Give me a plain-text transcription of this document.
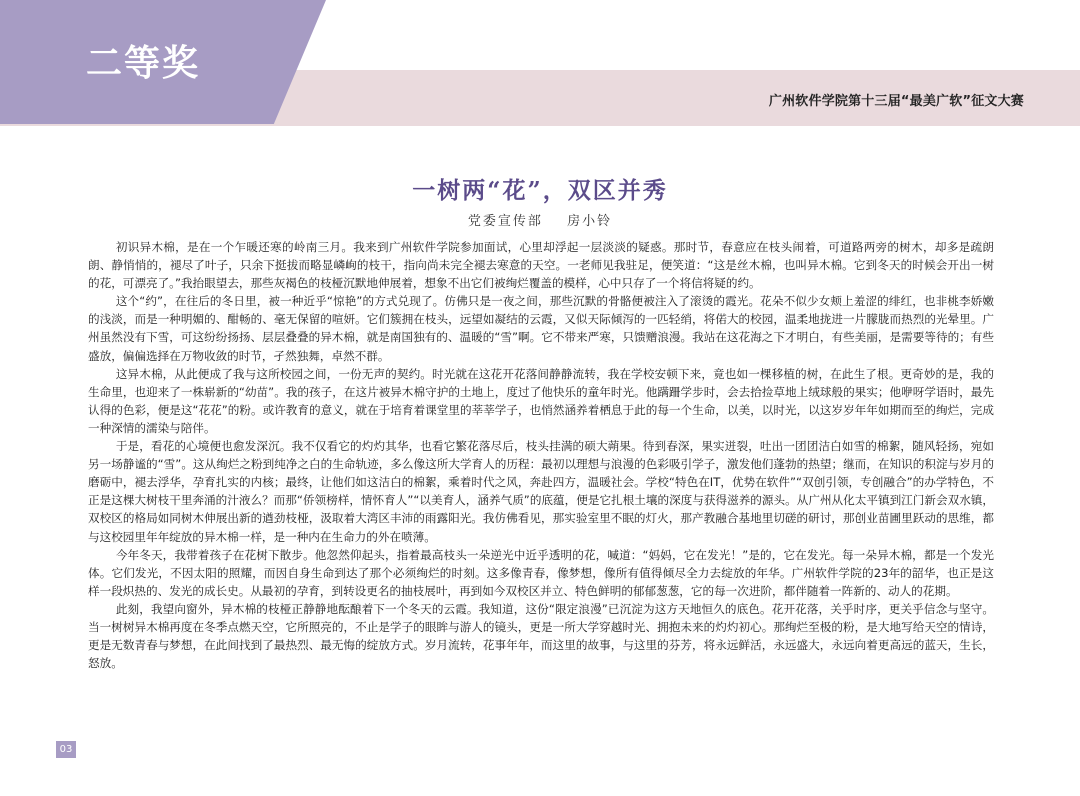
二等奖
广州软件学院第十三届“最美广软”征文大赛
一树两“花”，双区并秀
党委宣传部 房小铃

初识异木棉，是在一个乍暖还寒的岭南三月。我来到广州软件学院参加面试，心里却浮起一层淡淡的疑惑。那时节，春意应在枝头闹着，可道路两旁的树木，却多是疏朗朗、静悄悄的，褪尽了叶子，只余下挺拔而略显嶙峋的枝干，指向尚未完全褪去寒意的天空。一老师见我驻足，便笑道：“这是丝木棉，也叫异木棉。它到冬天的时候会开出一树的花，可漂亮了。”我抬眼望去，那些灰褐色的枝桠沉默地伸展着，想象不出它们被绚烂覆盖的模样，心中只存了一个将信将疑的约。

这个“约”，在往后的冬日里，被一种近乎“惊艳”的方式兑现了。仿佛只是一夜之间，那些沉默的骨骼便被注入了滚烫的霞光。花朵不似少女颊上羞涩的绯红，也非桃李娇嫩的浅淡，而是一种明媚的、酣畅的、毫无保留的喧妍。它们簇拥在枝头，远望如凝结的云霞，又似天际倾泻的一匹轻绡，将偌大的校园，温柔地拢进一片朦胧而热烈的光晕里。广州虽然没有下雪，可这纷纷扬扬、层层叠叠的异木棉，就是南国独有的、温暖的“雪”啊。它不带来严寒，只馈赠浪漫。我站在这花海之下才明白，有些美丽，是需要等待的；有些盛放，偏偏选择在万物收敛的时节，孑然独舞，卓然不群。

这异木棉，从此便成了我与这所校园之间，一份无声的契约。时光就在这花开花落间静静流转，我在学校安顿下来，竟也如一棵移植的树，在此生了根。更奇妙的是，我的生命里，也迎来了一株崭新的“幼苗”。我的孩子，在这片被异木棉守护的土地上，度过了他快乐的童年时光。他蹒跚学步时，会去拾捡草地上绒球般的果实；他咿呀学语时，最先认得的色彩，便是这“花花”的粉。或许教育的意义，就在于培育着课堂里的莘莘学子，也悄然涵养着栖息于此的每一个生命，以美，以时光，以这岁岁年年如期而至的绚烂，完成一种深情的濡染与陪伴。

于是，看花的心境便也愈发深沉。我不仅看它的灼灼其华，也看它繁花落尽后，枝头挂满的硕大蒴果。待到春深，果实迸裂，吐出一团团洁白如雪的棉絮，随风轻扬，宛如另一场静谧的“雪”。这从绚烂之粉到纯净之白的生命轨迹，多么像这所大学育人的历程：最初以理想与浪漫的色彩吸引学子，激发他们蓬勃的热望；继而，在知识的积淀与岁月的磨砺中，褪去浮华，孕育扎实的内核；最终，让他们如这洁白的棉絮，乘着时代之风，奔赴四方，温暖社会。学校“特色在IT，优势在软件”“双创引领，专创融合”的办学特色，不正是这棵大树枝干里奔涌的汁液么？而那“侨领榜样，情怀育人”“以美育人，涵养气质”的底蕴，便是它扎根土壤的深度与获得滋养的源头。从广州从化太平镇到江门新会双水镇，双校区的格局如同树木伸展出新的遒劲枝桠，汲取着大湾区丰沛的雨露阳光。我仿佛看见，那实验室里不眠的灯火，那产教融合基地里切磋的研讨，那创业苗圃里跃动的思维，都与这校园里年年绽放的异木棉一样，是一种内在生命力的外在喷薄。

今年冬天，我带着孩子在花树下散步。他忽然仰起头，指着最高枝头一朵逆光中近乎透明的花，喊道：“妈妈，它在发光！”是的，它在发光。每一朵异木棉，都是一个发光体。它们发光，不因太阳的照耀，而因自身生命到达了那个必须绚烂的时刻。这多像青春，像梦想，像所有值得倾尽全力去绽放的年华。广州软件学院的23年的韶华，也正是这样一段炽热的、发光的成长史。从最初的孕育，到转设更名的抽枝展叶，再到如今双校区并立、特色鲜明的郁郁葱葱，它的每一次进阶，都伴随着一阵新的、动人的花期。

此刻，我望向窗外，异木棉的枝桠正静静地酝酿着下一个冬天的云霞。我知道，这份“限定浪漫”已沉淀为这方天地恒久的底色。花开花落，关乎时序，更关乎信念与坚守。当一树树异木棉再度在冬季点燃天空，它所照亮的，不止是学子的眼眸与游人的镜头，更是一所大学穿越时光、拥抱未来的灼灼初心。那绚烂至极的粉，是大地写给天空的情诗，更是无数青春与梦想，在此间找到了最热烈、最无悔的绽放方式。岁月流转，花事年年，而这里的故事，与这里的芬芳，将永远鲜活，永远盛大，永远向着更高远的蓝天，生长，怒放。

03
